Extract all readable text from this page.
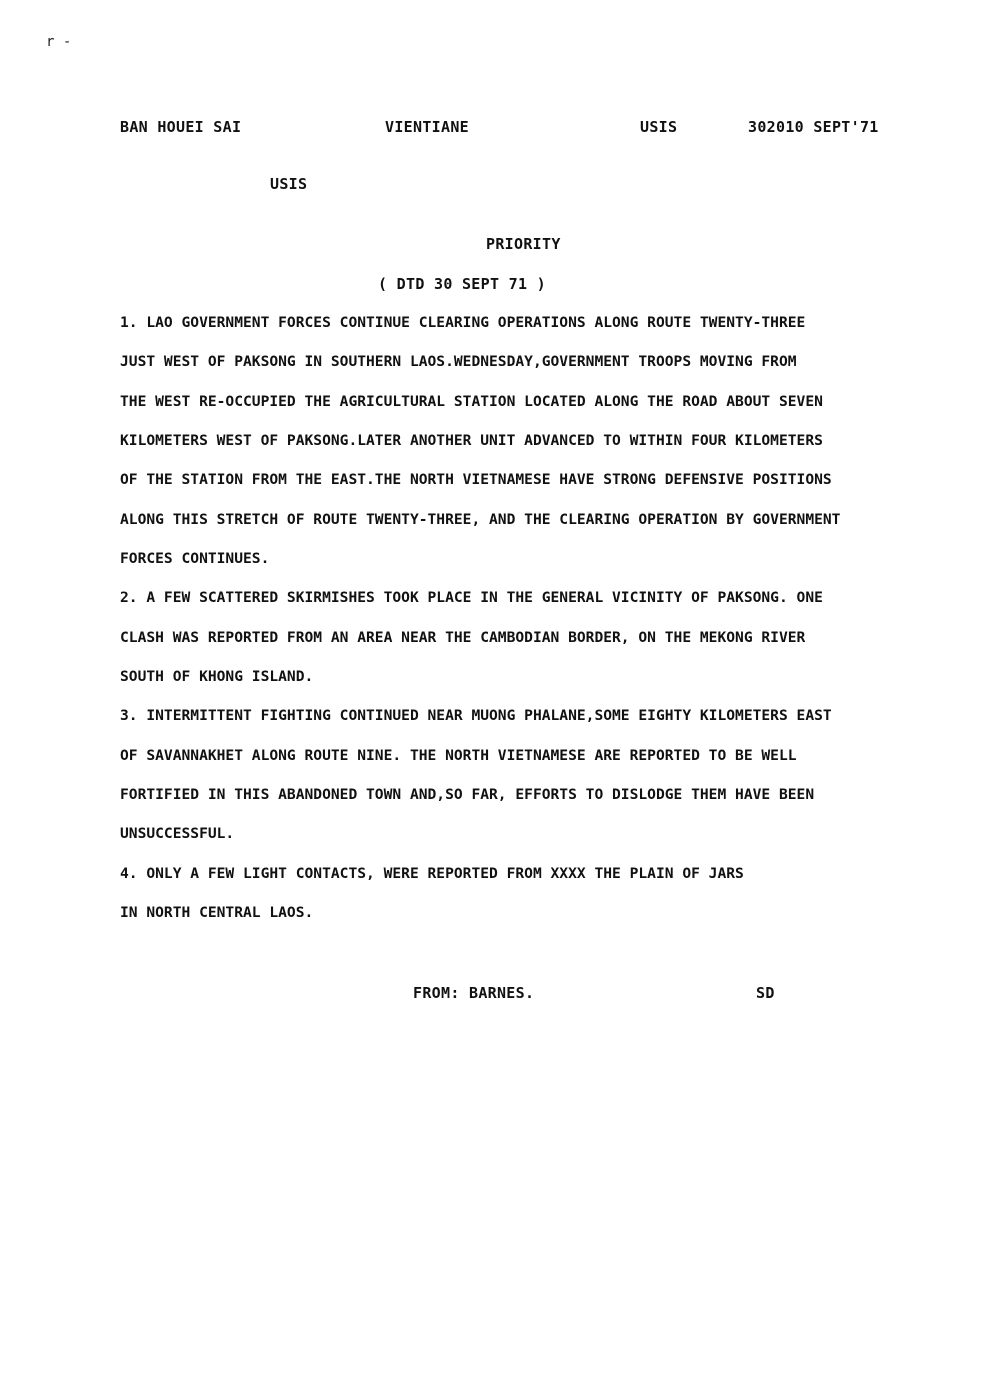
r -
BAN HOUEI SAI	VIENTIANE	USIS	302010 SEPT'71
USIS
PRIORITY
( DTD 30 SEPT 71 )
1. LAO GOVERNMENT FORCES CONTINUE CLEARING OPERATIONS ALONG ROUTE TWENTY-THREE
JUST WEST OF PAKSONG IN SOUTHERN LAOS.WEDNESDAY,GOVERNMENT TROOPS MOVING FROM
THE WEST RE-OCCUPIED THE AGRICULTURAL STATION LOCATED ALONG THE ROAD ABOUT SEVEN
KILOMETERS WEST OF PAKSONG.LATER ANOTHER UNIT ADVANCED TO WITHIN FOUR KILOMETERS
OF THE STATION FROM THE EAST.THE NORTH VIETNAMESE HAVE STRONG DEFENSIVE POSITIONS
ALONG THIS STRETCH OF ROUTE TWENTY-THREE, AND THE CLEARING OPERATION BY GOVERNMENT
FORCES CONTINUES.
2. A FEW SCATTERED SKIRMISHES TOOK PLACE IN THE GENERAL VICINITY OF PAKSONG. ONE
CLASH WAS REPORTED FROM AN AREA NEAR THE CAMBODIAN BORDER, ON THE MEKONG RIVER
SOUTH OF KHONG ISLAND.
3. INTERMITTENT FIGHTING CONTINUED NEAR MUONG PHALANE,SOME EIGHTY KILOMETERS EAST
OF SAVANNAKHET ALONG ROUTE NINE. THE NORTH VIETNAMESE ARE REPORTED TO BE WELL
FORTIFIED IN THIS ABANDONED TOWN AND,SO FAR, EFFORTS TO DISLODGE THEM HAVE BEEN
UNSUCCESSFUL.
4. ONLY A FEW LIGHT CONTACTS, WERE REPORTED FROM XXXX THE PLAIN OF JARS
IN NORTH CENTRAL LAOS.
FROM: BARNES.	SD
